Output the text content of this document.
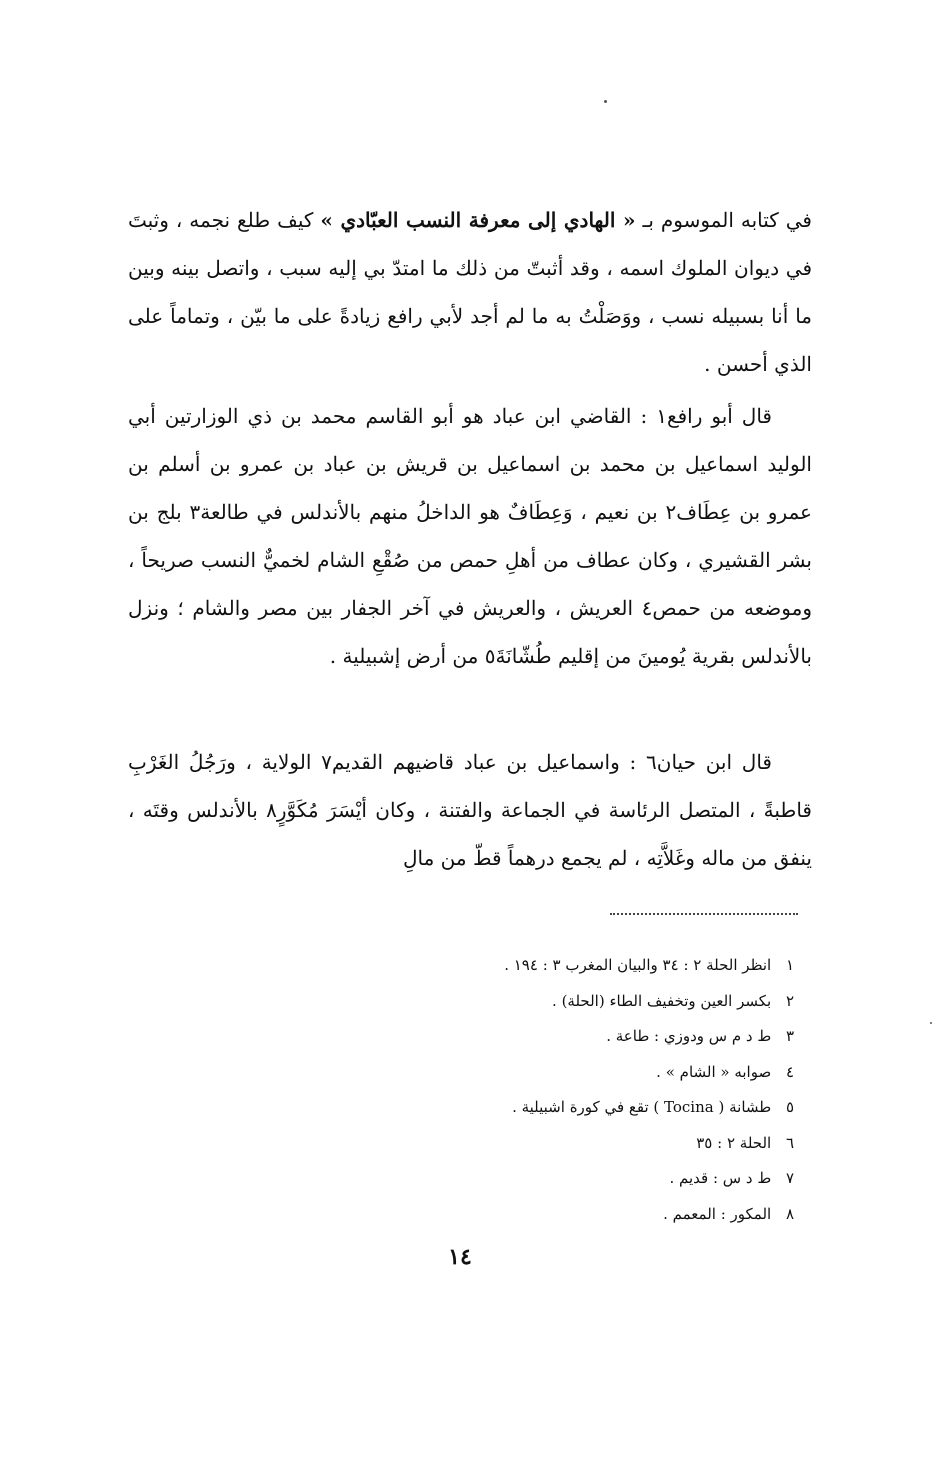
في كتابه الموسوم بـ « الهادي إلى معرفة النسب العبّادي » كيف طلع نجمه ، وثبتَ في ديوان الملوك اسمه ، وقد أثبتّ من ذلك ما امتدّ بي إليه سبب ، واتصل بينه وبين ما أنا بسبيله نسب ، ووَصَلْتُ به ما لم أجد لأبي رافع زيادةً على ما بيّن ، وتماماً على الذي أحسن .

قال أبو رافع١ : القاضي ابن عباد هو أبو القاسم محمد بن ذي الوزارتين أبي الوليد اسماعيل بن محمد بن اسماعيل بن قريش بن عباد بن عمرو بن أسلم بن عمرو بن عِطَاف٢ بن نعيم ، وَعِطَافٌ هو الداخلُ منهم بالأندلس في طالعة٣ بلج بن بشر القشيري ، وكان عطاف من أهلِ حمص من صُقْعِ الشام لخميٌّ النسب صريحاً ، وموضعه من حمص٤ العريش ، والعريش في آخر الجفار بين مصر والشام ؛ ونزل بالأندلس بقرية يُومينَ من إقليم طُشّانَةَ٥ من أرض إشبيلية .

قال ابن حيان٦ : واسماعيل بن عباد قاضيهم القديم٧ الولاية ، ورَجُلُ الغَرْبِ قاطبةً ، المتصل الرئاسة في الجماعة والفتنة ، وكان أيْسَرَ مُكَوَّرٍ٨ بالأندلس وقتَه ، ينفق من ماله وغَلاَّتِه ، لم يجمع درهماً قطّ من مالِ

١ انظر الحلة ٢ : ٣٤ والبيان المغرب ٣ : ١٩٤ .
٢ بكسر العين وتخفيف الطاء (الحلة) .
٣ ط د م س ودوزي : طاعة .
٤ صوابه « الشام » .
٥ طشانة ( Tocina ) تقع في كورة اشبيلية .
٦ الحلة ٢ : ٣٥
٧ ط د س : قديم .
٨ المكور : المعمم .
١٤
